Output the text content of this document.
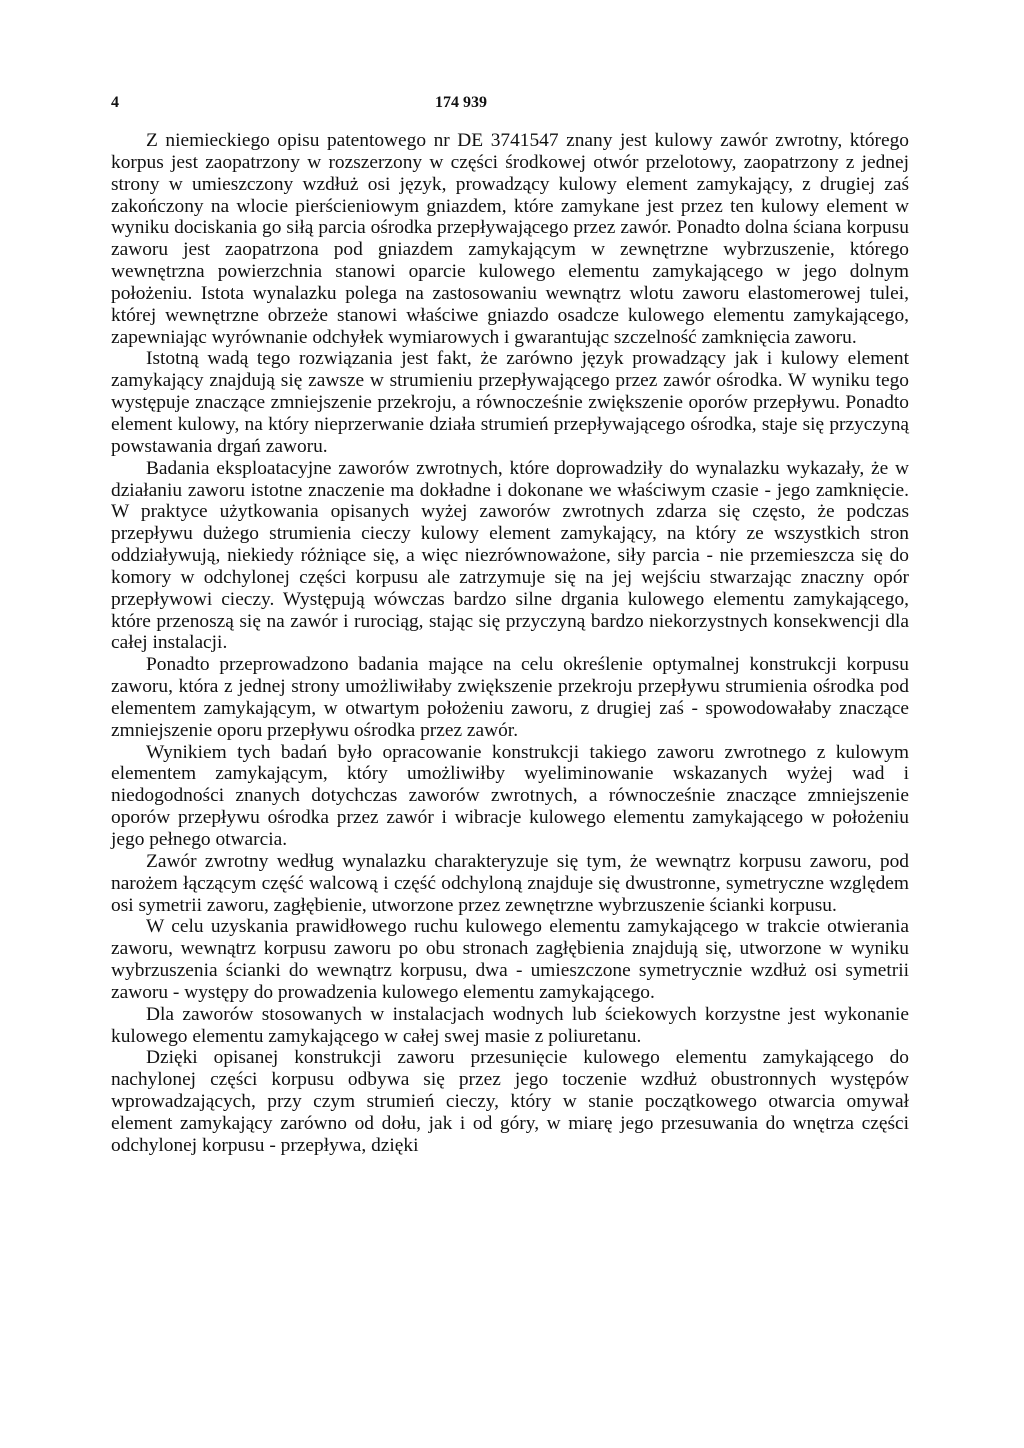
4	174 939

Z niemieckiego opisu patentowego nr DE 3741547 znany jest kulowy zawór zwrotny, którego korpus jest zaopatrzony w rozszerzony w części środkowej otwór przelotowy, zaopatrzony z jednej strony w umieszczony wzdłuż osi język, prowadzący kulowy element zamykający, z drugiej zaś zakończony na wlocie pierścieniowym gniazdem, które zamykane jest przez ten kulowy element w wyniku dociskania go siłą parcia ośrodka przepływającego przez zawór. Ponadto dolna ściana korpusu zaworu jest zaopatrzona pod gniazdem zamykającym w zewnętrzne wybrzuszenie, którego wewnętrzna powierzchnia stanowi oparcie kulowego elementu zamykającego w jego dolnym położeniu. Istota wynalazku polega na zastosowaniu wewnątrz wlotu zaworu elastomerowej tulei, której wewnętrzne obrzeże stanowi właściwe gniazdo osadcze kulowego elementu zamykającego, zapewniając wyrównanie odchyłek wymiarowych i gwarantując szczelność zamknięcia zaworu.

Istotną wadą tego rozwiązania jest fakt, że zarówno język prowadzący jak i kulowy element zamykający znajdują się zawsze w strumieniu przepływającego przez zawór ośrodka. W wyniku tego występuje znaczące zmniejszenie przekroju, a równocześnie zwiększenie oporów przepływu. Ponadto element kulowy, na który nieprzerwanie działa strumień przepływającego ośrodka, staje się przyczyną powstawania drgań zaworu.

Badania eksploatacyjne zaworów zwrotnych, które doprowadziły do wynalazku wykazały, że w działaniu zaworu istotne znaczenie ma dokładne i dokonane we właściwym czasie - jego zamknięcie. W praktyce użytkowania opisanych wyżej zaworów zwrotnych zdarza się często, że podczas przepływu dużego strumienia cieczy kulowy element zamykający, na który ze wszystkich stron oddziaływują, niekiedy różniące się, a więc niezrównoważone, siły parcia - nie przemieszcza się do komory w odchylonej części korpusu ale zatrzymuje się na jej wejściu stwarzając znaczny opór przepływowi cieczy. Występują wówczas bardzo silne drgania kulowego elementu zamykającego, które przenoszą się na zawór i rurociąg, stając się przyczyną bardzo niekorzystnych konsekwencji dla całej instalacji.

Ponadto przeprowadzono badania mające na celu określenie optymalnej konstrukcji korpusu zaworu, która z jednej strony umożliwiłaby zwiększenie przekroju przepływu strumienia ośrodka pod elementem zamykającym, w otwartym położeniu zaworu, z drugiej zaś - spowodowałaby znaczące zmniejszenie oporu przepływu ośrodka przez zawór.

Wynikiem tych badań było opracowanie konstrukcji takiego zaworu zwrotnego z kulowym elementem zamykającym, który umożliwiłby wyeliminowanie wskazanych wyżej wad i niedogodności znanych dotychczas zaworów zwrotnych, a równocześnie znaczące zmniejszenie oporów przepływu ośrodka przez zawór i wibracje kulowego elementu zamykającego w położeniu jego pełnego otwarcia.

Zawór zwrotny według wynalazku charakteryzuje się tym, że wewnątrz korpusu zaworu, pod narożem łączącym część walcową i część odchyloną znajduje się dwustronne, symetryczne względem osi symetrii zaworu, zagłębienie, utworzone przez zewnętrzne wybrzuszenie ścianki korpusu.

W celu uzyskania prawidłowego ruchu kulowego elementu zamykającego w trakcie otwierania zaworu, wewnątrz korpusu zaworu po obu stronach zagłębienia znajdują się, utworzone w wyniku wybrzuszenia ścianki do wewnątrz korpusu, dwa - umieszczone symetrycznie wzdłuż osi symetrii zaworu - występy do prowadzenia kulowego elementu zamykającego.

Dla zaworów stosowanych w instalacjach wodnych lub ściekowych korzystne jest wykonanie kulowego elementu zamykającego w całej swej masie z poliuretanu.

Dzięki opisanej konstrukcji zaworu przesunięcie kulowego elementu zamykającego do nachylonej części korpusu odbywa się przez jego toczenie wzdłuż obustronnych występów wprowadzających, przy czym strumień cieczy, który w stanie początkowego otwarcia omywał element zamykający zarówno od dołu, jak i od góry, w miarę jego przesuwania do wnętrza części odchylonej korpusu - przepływa, dzięki
